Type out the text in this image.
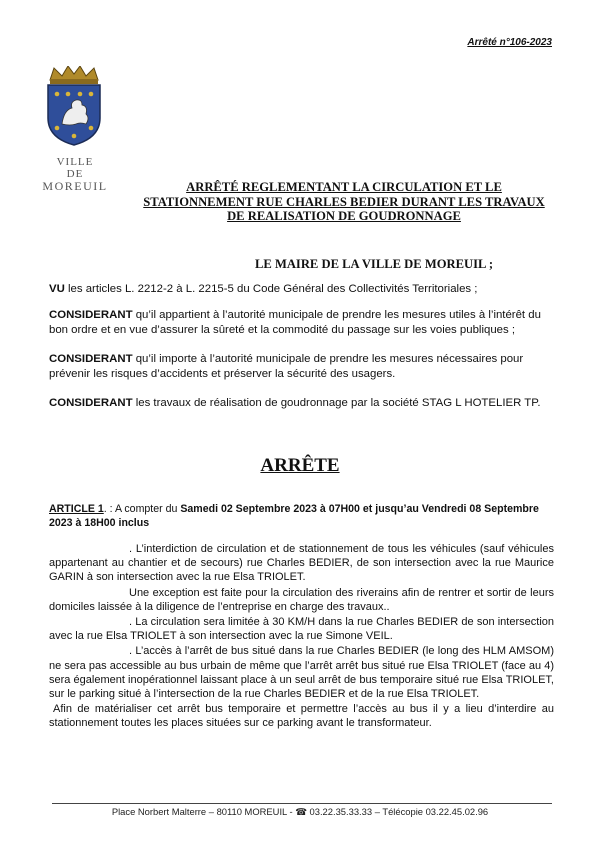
Arrêté n°106-2023
VILLE
DE
MOREUIL	ARRÊTÉ REGLEMENTANT LA CIRCULATION ET LE
STATIONNEMENT RUE CHARLES BEDIER DURANT LES TRAVAUX
DE REALISATION DE GOUDRONNAGE
LE MAIRE DE LA VILLE DE MOREUIL ;
VU les articles L. 2212-2 à L. 2215-5 du Code Général des Collectivités Territoriales ;
CONSIDERANT qu’il appartient à l’autorité municipale de prendre les mesures utiles à l’intérêt du bon ordre et en vue d’assurer la sûreté et la commodité du passage sur les voies publiques ;
CONSIDERANT qu’il importe à l’autorité municipale de prendre les mesures nécessaires pour prévenir les risques d’accidents et préserver la sécurité des usagers.
CONSIDERANT les travaux de réalisation de goudronnage par la société STAG L HOTELIER TP.
ARRÊTE
ARTICLE 1. : A compter du Samedi 02 Septembre 2023 à 07H00 et jusqu’au Vendredi 08 Septembre 2023 à 18H00 inclus

. L’interdiction de circulation et de stationnement de tous les véhicules (sauf véhicules appartenant au chantier et de secours) rue Charles BEDIER, de son intersection avec la rue Maurice GARIN à son intersection avec la rue Elsa TRIOLET.

Une exception est faite pour la circulation des riverains afin de rentrer et sortir de leurs domiciles laissée à la diligence de l’entreprise en charge des travaux..

. La circulation sera limitée à 30 KM/H dans la rue Charles BEDIER de son intersection avec la rue Elsa TRIOLET à son intersection avec la rue Simone VEIL.

. L’accès à l’arrêt de bus situé dans la rue Charles BEDIER (le long des HLM AMSOM) ne sera pas accessible au bus urbain de même que l’arrêt arrêt bus situé rue Elsa TRIOLET (face au 4) sera également inopérationnel laissant place à un seul arrêt de bus temporaire situé rue Elsa TRIOLET, sur le parking situé à l’intersection de la rue Charles BEDIER et de la rue Elsa TRIOLET.

Afin de matérialiser cet arrêt bus temporaire et permettre l’accès au bus il y a lieu d’interdire au stationnement toutes les places situées sur ce parking avant le transformateur.

Place Norbert Malterre – 80110 MOREUIL - ☎ 03.22.35.33.33 – Télécopie 03.22.45.02.96
